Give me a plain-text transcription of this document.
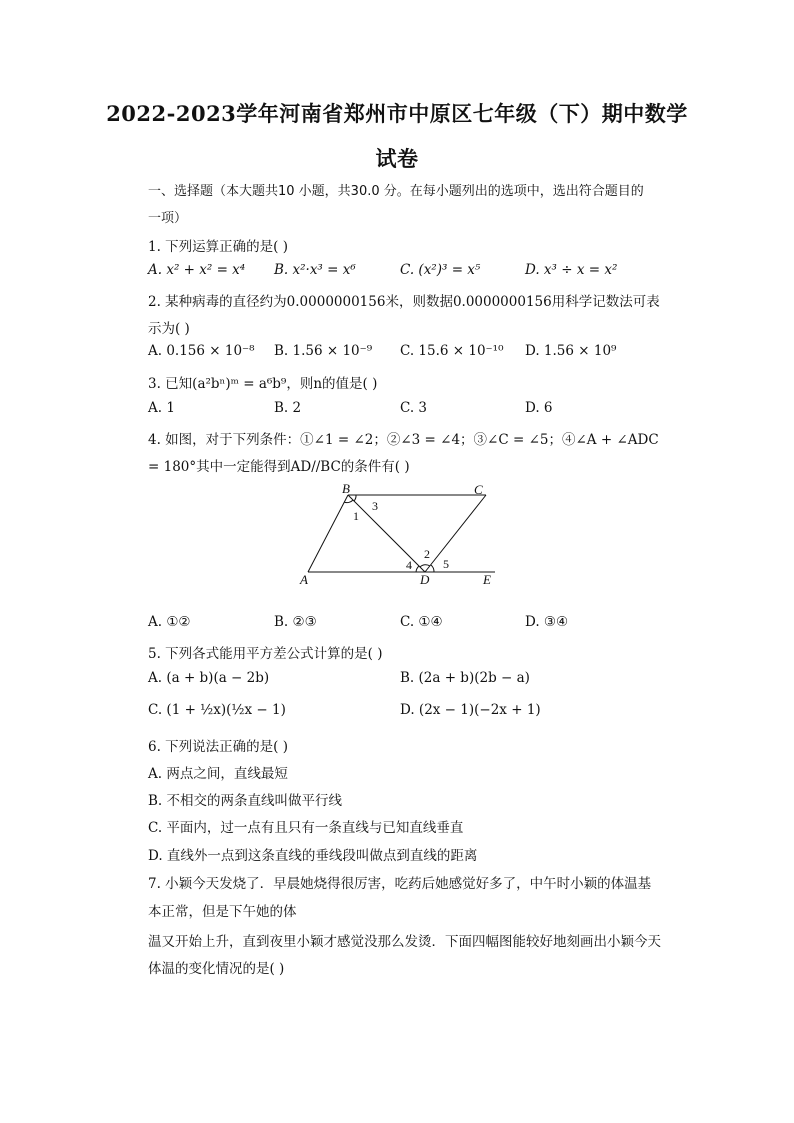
2022-2023学年河南省郑州市中原区七年级（下）期中数学
试卷
一、选择题（本大题共10 小题，共30.0 分。在每小题列出的选项中，选出符合题目的
一项）
1. 下列运算正确的是( )
A. x² + x² = x⁴ B. x²·x³ = x⁶	C. (x²)³ = x⁵	D. x³ ÷ x = x²
2. 某种病毒的直径约为0.0000000156米，则数据0.0000000156用科学记数法可表
示为( )
A. 0.156 × 10⁻⁸ B. 1.56 × 10⁻⁹ C. 15.6 × 10⁻¹⁰ D. 1.56 × 10⁹
3. 已知(a²bⁿ)ᵐ = a⁶b⁹，则n的值是( )
A. 1	B. 2	C. 3	D. 6
4. 如图，对于下列条件：①∠1 = ∠2；②∠3 = ∠4；③∠C = ∠5；④∠A + ∠ADC
= 180°其中一定能得到AD//BC的条件有( )
B	C
A	D	E
1
3
2
4	5
A. ①②	B. ②③	C. ①④	D. ③④
5. 下列各式能用平方差公式计算的是( )
A. (a + b)(a − 2b)	B. (2a + b)(2b − a)
C. (1 + ½x)(½x − 1)	D. (2x − 1)(−2x + 1)
6. 下列说法正确的是( )
A. 两点之间，直线最短
B. 不相交的两条直线叫做平行线
C. 平面内，过一点有且只有一条直线与已知直线垂直
D. 直线外一点到这条直线的垂线段叫做点到直线的距离
7. 小颖今天发烧了．早晨她烧得很厉害，吃药后她感觉好多了，中午时小颖的体温基
本正常，但是下午她的体
温又开始上升，直到夜里小颖才感觉没那么发烫．下面四幅图能较好地刻画出小颖今天
体温的变化情况的是( )
